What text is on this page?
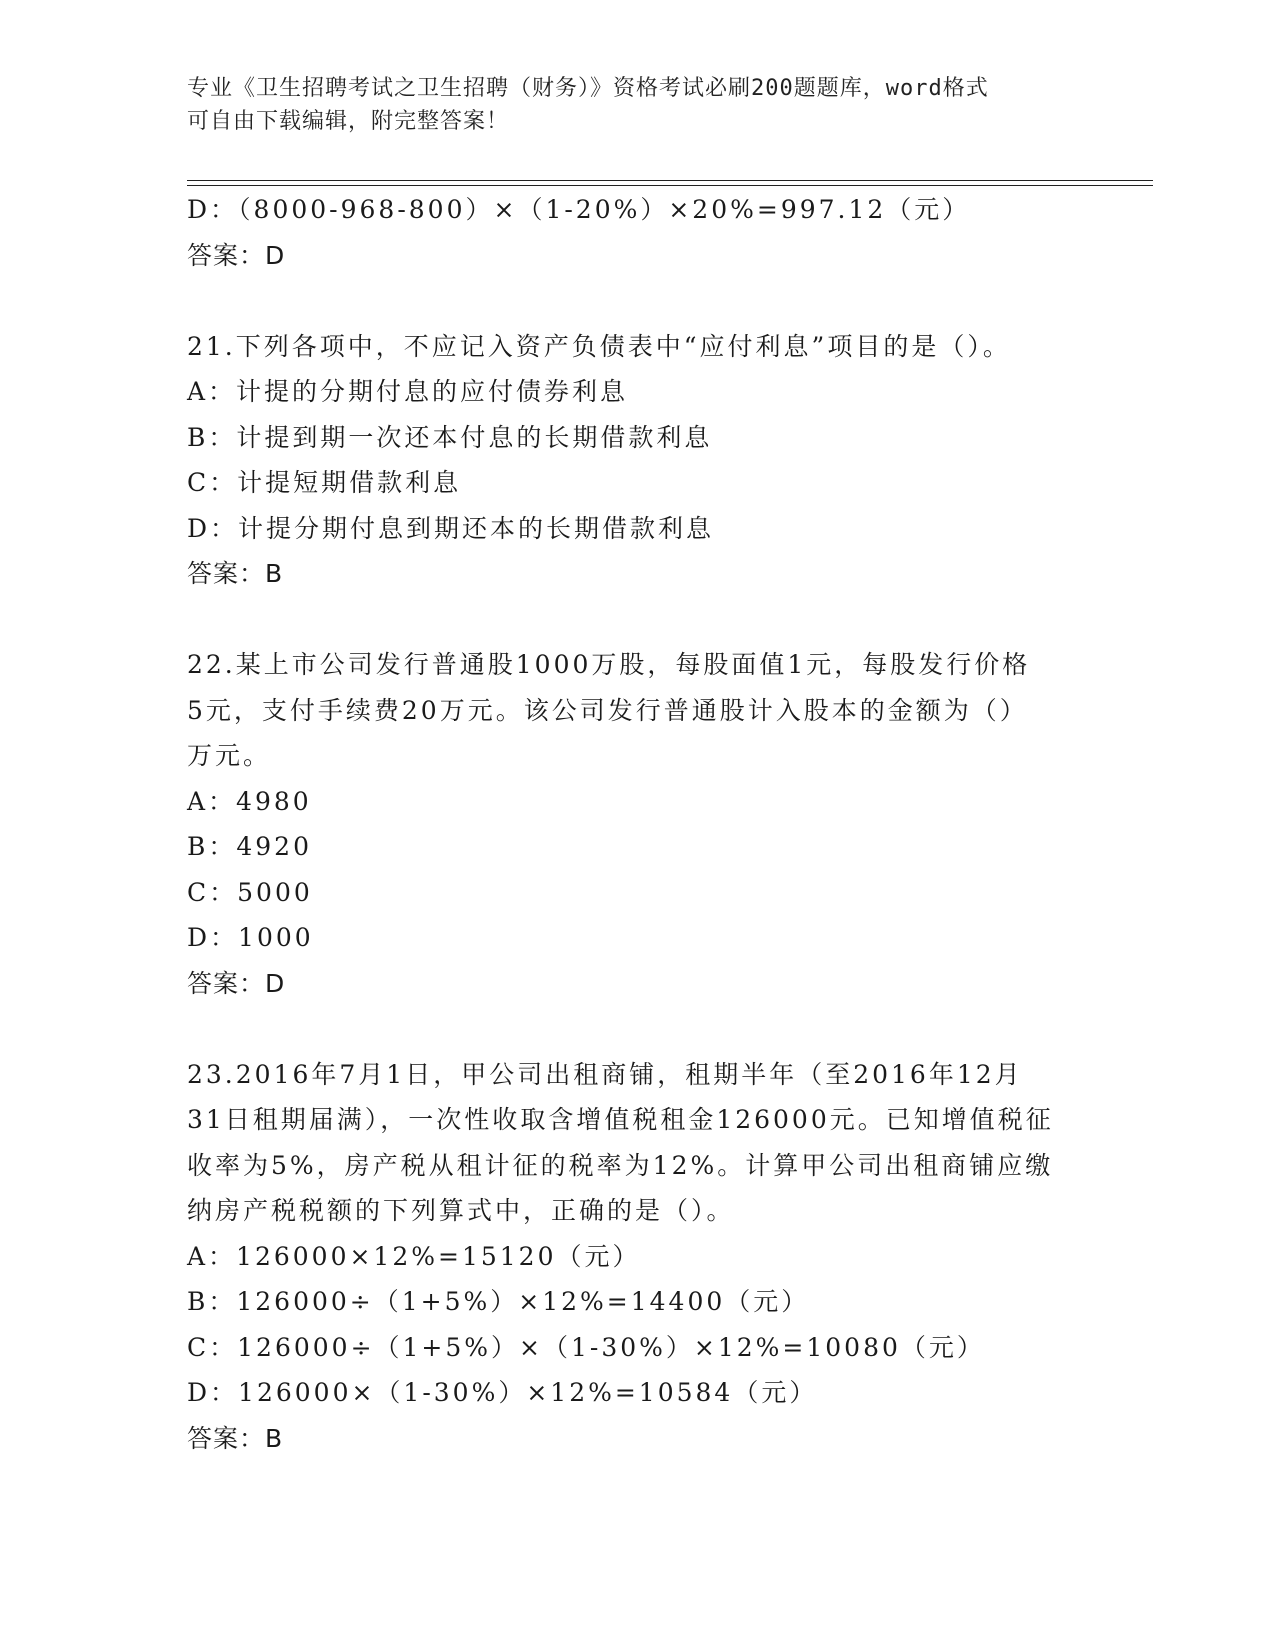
专业《卫生招聘考试之卫生招聘（财务）》资格考试必刷200题题库，word格式
可自由下载编辑，附完整答案！
D：（8000-968-800）×（1-20%）×20%=997.12（元）
答案：D
21.下列各项中，不应记入资产负债表中“应付利息”项目的是（）。
A：计提的分期付息的应付债券利息
B：计提到期一次还本付息的长期借款利息
C：计提短期借款利息
D：计提分期付息到期还本的长期借款利息
答案：B
22.某上市公司发行普通股1000万股，每股面值1元，每股发行价格
5元，支付手续费20万元。该公司发行普通股计入股本的金额为（）
万元。
A：4980
B：4920
C：5000
D：1000
答案：D
23.2016年7月1日，甲公司出租商铺，租期半年（至2016年12月
31日租期届满），一次性收取含增值税租金126000元。已知增值税征
收率为5%，房产税从租计征的税率为12%。计算甲公司出租商铺应缴
纳房产税税额的下列算式中，正确的是（）。
A：126000×12%=15120（元）
B：126000÷（1+5%）×12%=14400（元）
C：126000÷（1+5%）×（1-30%）×12%=10080（元）
D：126000×（1-30%）×12%=10584（元）
答案：B
